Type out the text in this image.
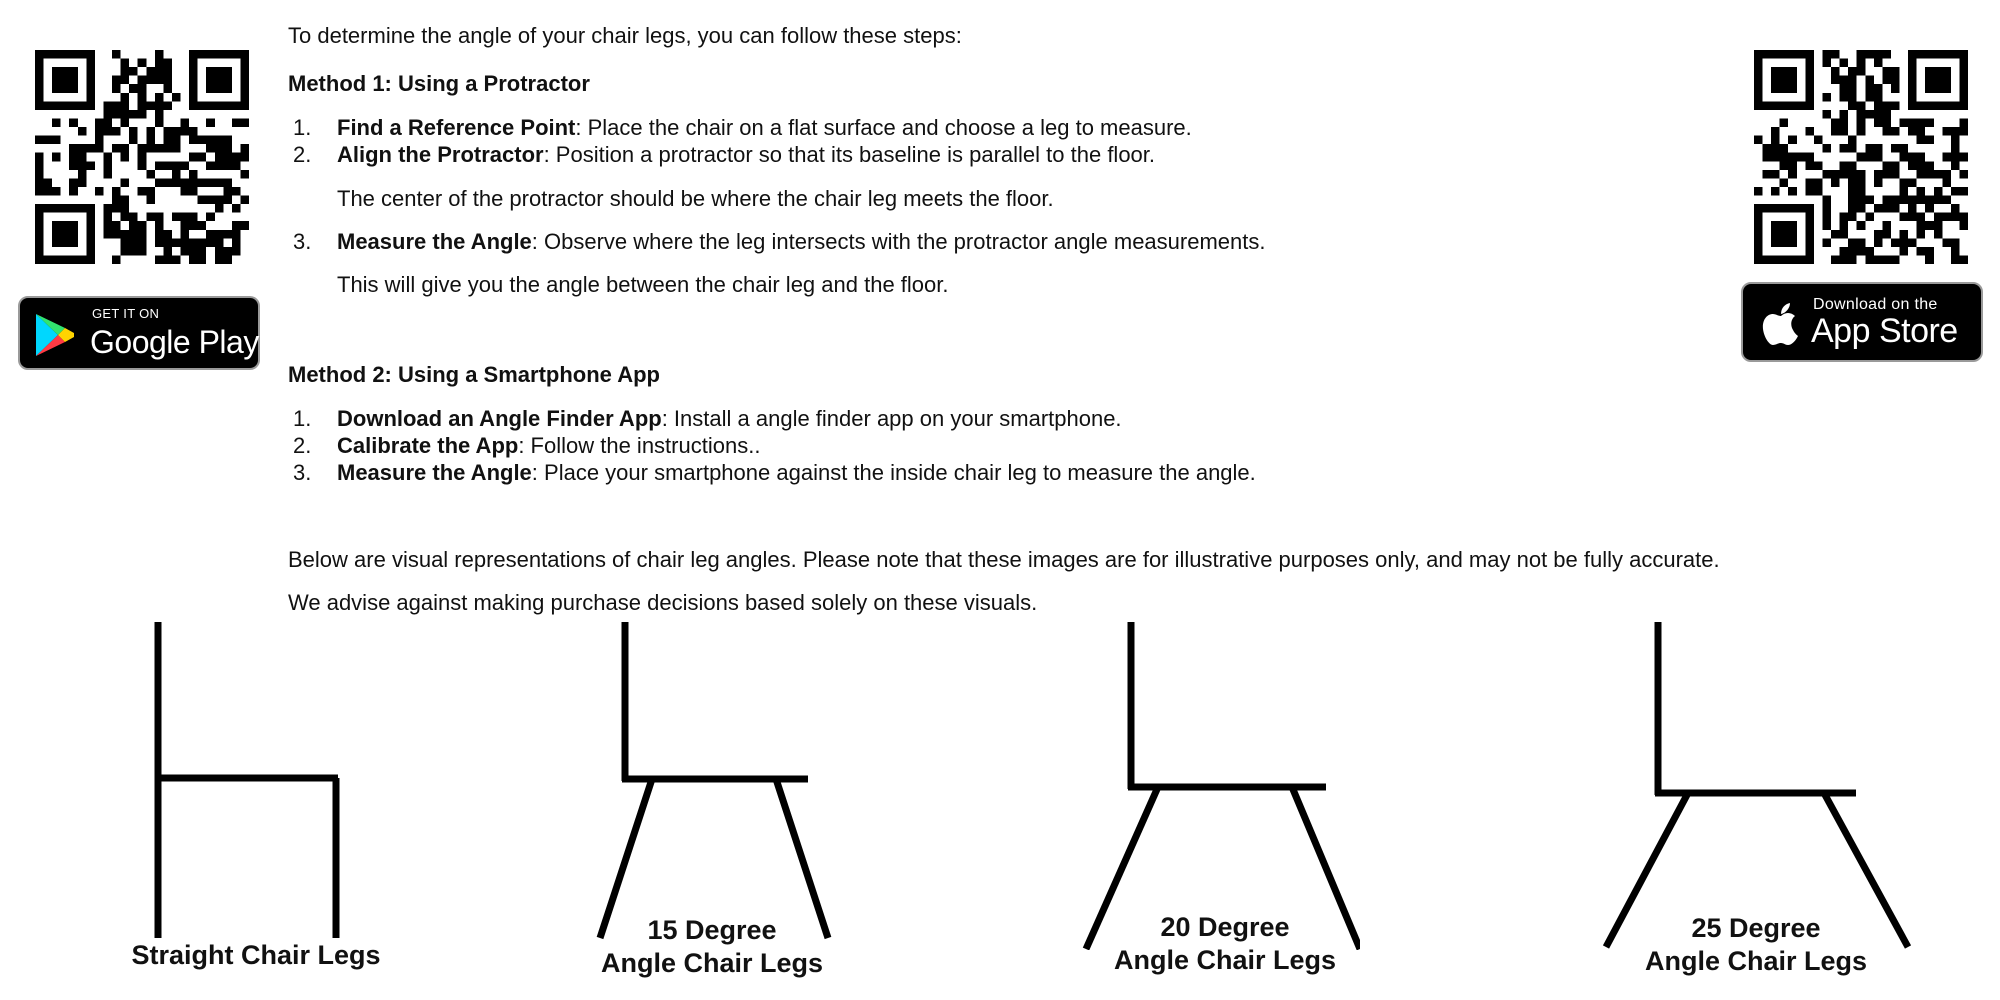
To determine the angle of your chair legs, you can follow these steps:
Method 1: Using a Protractor
1.	Find a Reference Point: Place the chair on a flat surface and choose a leg to measure.
2.	Align the Protractor: Position a protractor so that its baseline is parallel to the floor.
The center of the protractor should be where the chair leg meets the floor.
3.	Measure the Angle: Observe where the leg intersects with the protractor angle measurements.
This will give you the angle between the chair leg and the floor.
Method 2: Using a Smartphone App
1.	Download an Angle Finder App: Install a angle finder app on your smartphone.
2.	Calibrate the App: Follow the instructions..
3.	Measure the Angle: Place your smartphone against the inside chair leg to measure the angle.
Below are visual representations of chair leg angles. Please note that these images are for illustrative purposes only, and may not be fully accurate.
We advise against making purchase decisions based solely on these visuals.
GET IT ON
Google Play
Download on the
App Store
Straight Chair Legs
15 Degree
Angle Chair Legs
20 Degree
Angle Chair Legs
25 Degree
Angle Chair Legs
